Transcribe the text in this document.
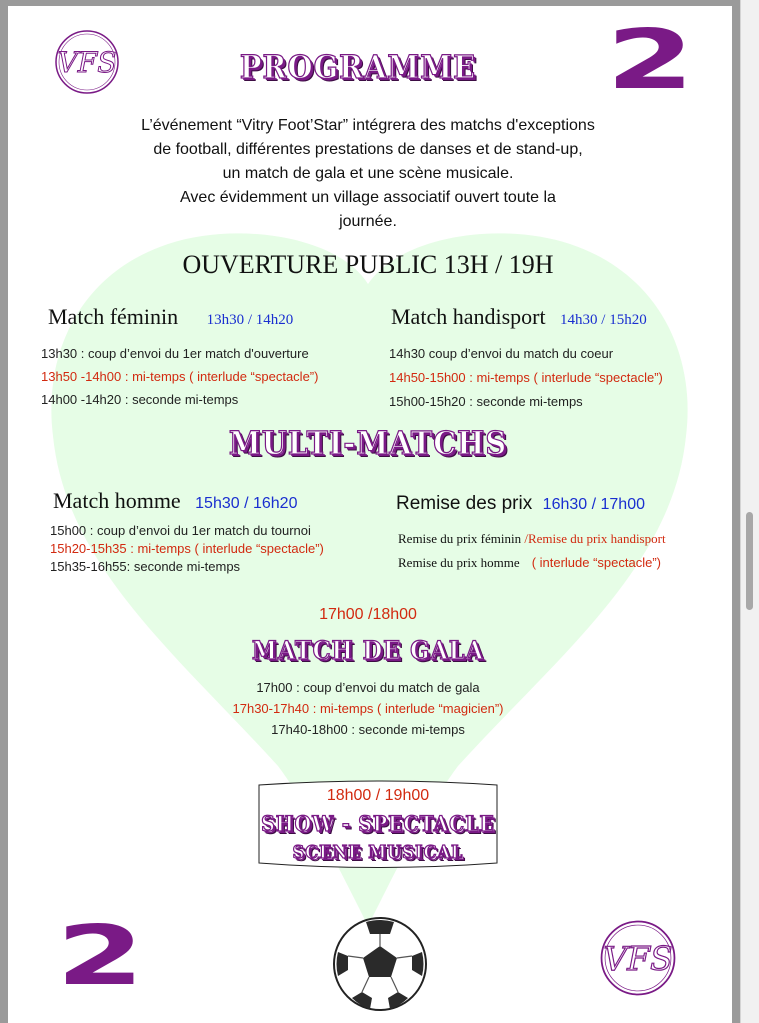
VFS	2
PROGRAMME
L’événement “Vitry Foot’Star” intégrera des matchs d'exceptions
de football, différentes prestations de danses et de stand-up,
un match de gala et une scène musicale.
Avec évidemment un village associatif ouvert toute la
journée.
OUVERTURE PUBLIC 13H / 19H
Match féminin 13h30 / 14h20
13h30 : coup d’envoi du 1er match d'ouverture
13h50 -14h00 : mi-temps ( interlude “spectacle”)
14h00 -14h20 : seconde mi-temps
Match handisport 14h30 / 15h20
14h30 coup d’envoi du match du coeur
14h50-15h00 : mi-temps ( interlude “spectacle”)
15h00-15h20 : seconde mi-temps
MULTI-MATCHS
Match homme 15h30 / 16h20
15h00 : coup d’envoi du 1er match du tournoi
15h20-15h35 : mi-temps ( interlude “spectacle”)
15h35-16h55: seconde mi-temps
Remise des prix 16h30 / 17h00
Remise du prix féminin /Remise du prix handisport
Remise du prix homme ( interlude “spectacle”)
17h00 /18h00
MATCH DE GALA
17h00 : coup d’envoi du match de gala
17h30-17h40 : mi-temps ( interlude “magicien”)
17h40-18h00 : seconde mi-temps
18h00 / 19h00
SHOW - SPECTACLE
SCENE MUSICAL
2	VFS
